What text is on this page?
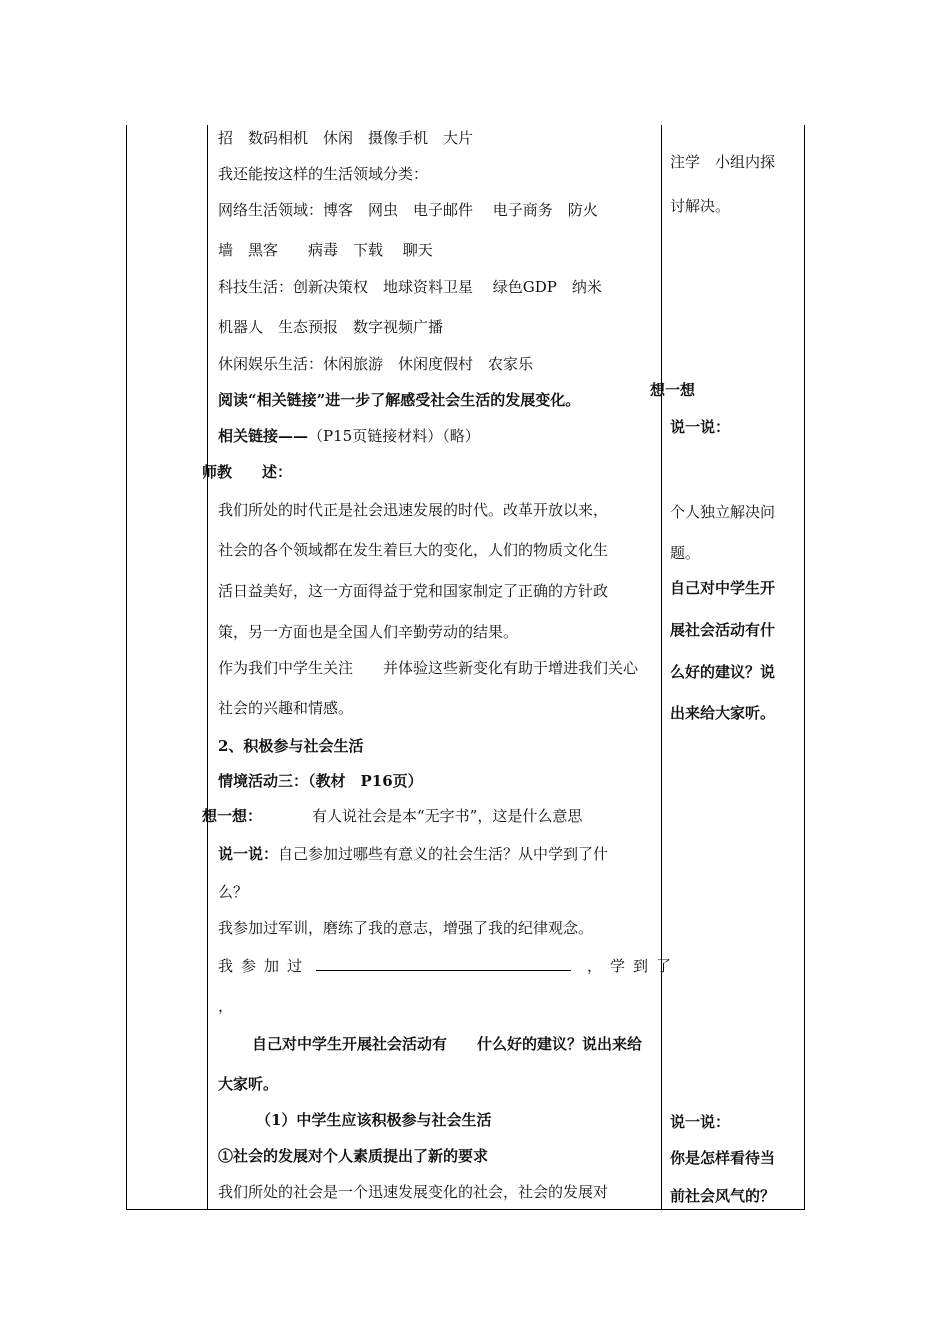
招　数码相机　休闲　摄像手机　大片
我还能按这样的生活领域分类：
网络生活领域：博客　网虫　电子邮件　 电子商务　防火
墙　黑客　　病毒　下载　 聊天
科技生活：创新决策权　地球资料卫星　 绿色GDP　纳米
机器人　生态预报　数字视频广播
休闲娱乐生活：休闲旅游　休闲度假村　农家乐
阅读“相关链接”进一步了解感受社会生活的发展变化。
相关链接——（P15页链接材料）（略）
师教　　述：
我们所处的时代正是社会迅速发展的时代。改革开放以来，
社会的各个领域都在发生着巨大的变化，人们的物质文化生
活日益美好，这一方面得益于党和国家制定了正确的方针政
策，另一方面也是全国人们辛勤劳动的结果。
作为我们中学生关注　　并体验这些新变化有助于增进我们关心
社会的兴趣和情感。
2、积极参与社会生活
情境活动三：（教材　P16页）
想一想：	有人说社会是本“无字书”，这是什么意思
说一说：自己参加过哪些有意义的社会生活？从中学到了什
么？
我参加过军训，磨练了我的意志，增强了我的纪律观念。
我参加过	，学到了
，
自己对中学生开展社会活动有　　什么好的建议？说出来给
大家听。
（1）中学生应该积极参与社会生活
①社会的发展对个人素质提出了新的要求
我们所处的社会是一个迅速发展变化的社会，社会的发展对
注学　小组内探
讨解决。
想一想
说一说：
个人独立解决问
题。
自己对中学生开
展社会活动有什
么好的建议？说
出来给大家听。
说一说：
你是怎样看待当
前社会风气的？
